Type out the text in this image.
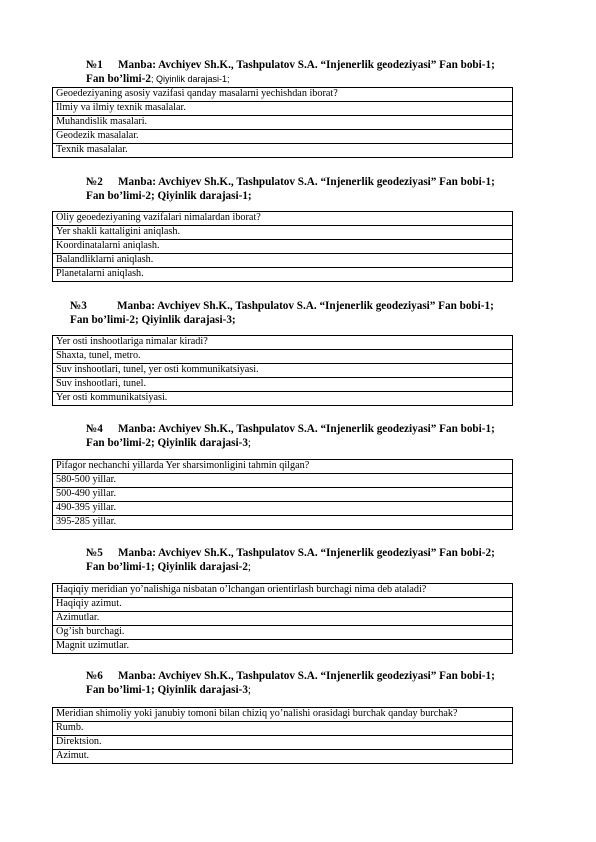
№1 Manba: Avchiyev Sh.K., Tashpulatov S.A. “Injenerlik geodeziyasi” Fan bobi-1;
Fan bo’limi-2; Qiyinlik darajasi-1;
Geoedeziyaning asosiy vazifasi qanday masalarni yechishdan iborat?
Ilmiy va ilmiy texnik masalalar.
Muhandislik masalari.
Geodezik masalalar.
Texnik masalalar.
№2 Manba: Avchiyev Sh.K., Tashpulatov S.A. “Injenerlik geodeziyasi” Fan bobi-1;
Fan bo’limi-2; Qiyinlik darajasi-1;
Oliy geoedeziyaning vazifalari nimalardan iborat?
Yer shakli kattaligini aniqlash.
Koordinatalarni aniqlash.
Balandliklarni aniqlash.
Planetalarni aniqlash.
№3	Manba: Avchiyev Sh.K., Tashpulatov S.A. “Injenerlik geodeziyasi” Fan bobi-1;
Fan bo’limi-2; Qiyinlik darajasi-3;
Yer osti inshootlariga nimalar kiradi?
Shaxta, tunel, metro.
Suv inshootlari, tunel, yer osti kommunikatsiyasi.
Suv inshootlari, tunel.
Yer osti kommunikatsiyasi.
№4 Manba: Avchiyev Sh.K., Tashpulatov S.A. “Injenerlik geodeziyasi” Fan bobi-1;
Fan bo’limi-2; Qiyinlik darajasi-3;
Pifagor nechanchi yillarda Yer sharsimonligini tahmin qilgan?
580-500 yillar.
500-490 yillar.
490-395 yillar.
395-285 yillar.
№5 Manba: Avchiyev Sh.K., Tashpulatov S.A. “Injenerlik geodeziyasi” Fan bobi-2;
Fan bo’limi-1; Qiyinlik darajasi-2;
Haqiqiy meridian yo’nalishiga nisbatan o’lchangan orientirlash burchagi nima deb ataladi?
Haqiqiy azimut.
Azimutlar.
Og’ish burchagi.
Magnit uzimutlar.
№6 Manba: Avchiyev Sh.K., Tashpulatov S.A. “Injenerlik geodeziyasi” Fan bobi-1;
Fan bo’limi-1; Qiyinlik darajasi-3;
Meridian shimoliy yoki janubiy tomoni bilan chiziq yo’nalishi orasidagi burchak qanday burchak?
Rumb.
Direktsion.
Azimut.
